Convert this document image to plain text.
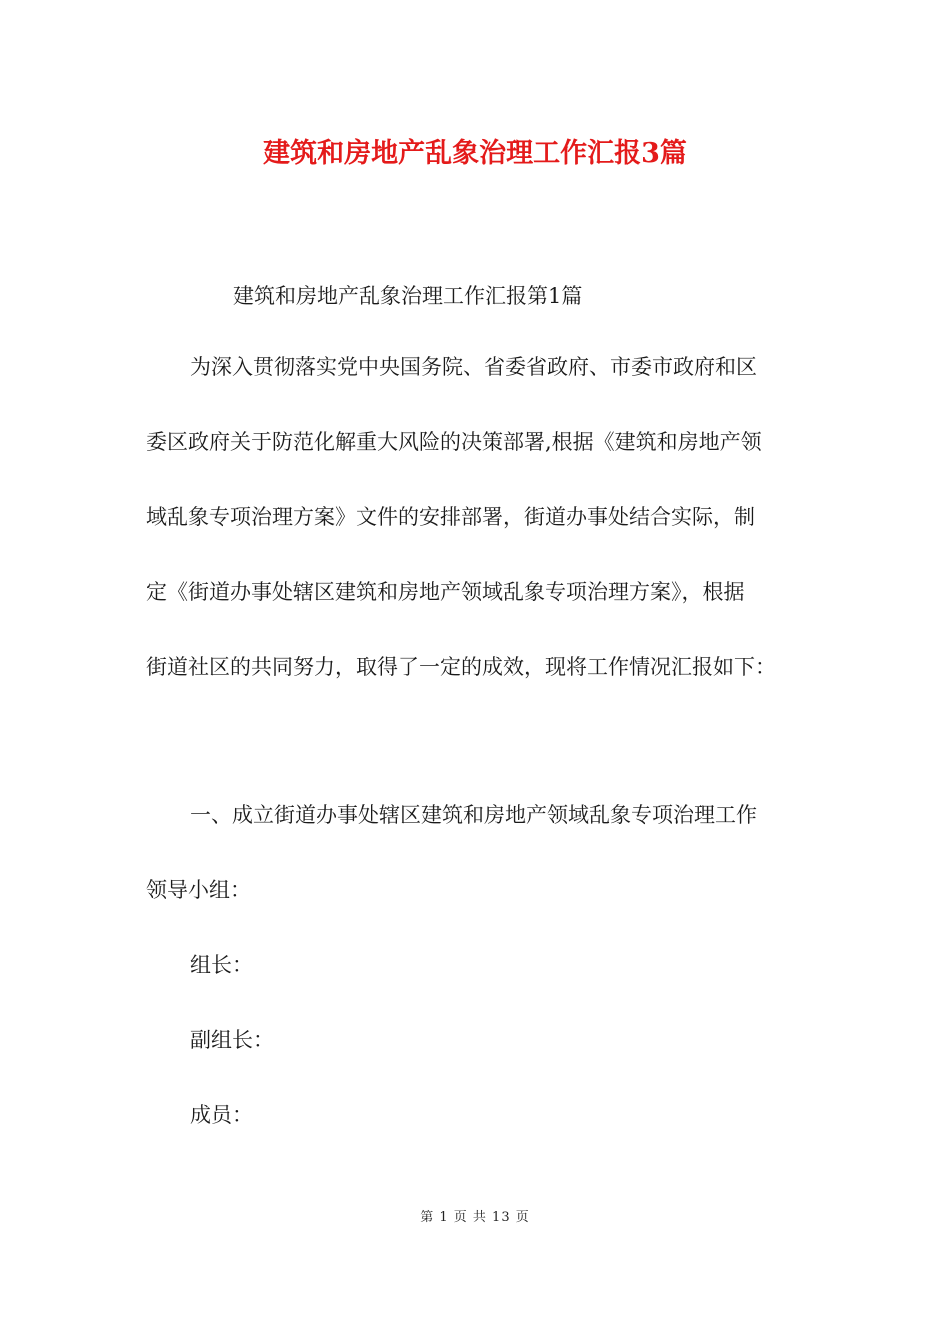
建筑和房地产乱象治理工作汇报3篇
建筑和房地产乱象治理工作汇报第1篇
为深入贯彻落实党中央国务院、省委省政府、市委市政府和区
委区政府关于防范化解重大风险的决策部署,根据《建筑和房地产领
域乱象专项治理方案》文件的安排部署，街道办事处结合实际，制
定《街道办事处辖区建筑和房地产领域乱象专项治理方案》，根据
街道社区的共同努力，取得了一定的成效，现将工作情况汇报如下：
一、成立街道办事处辖区建筑和房地产领域乱象专项治理工作
领导小组：
组长：
副组长：
成员：
第 1 页 共 13 页
